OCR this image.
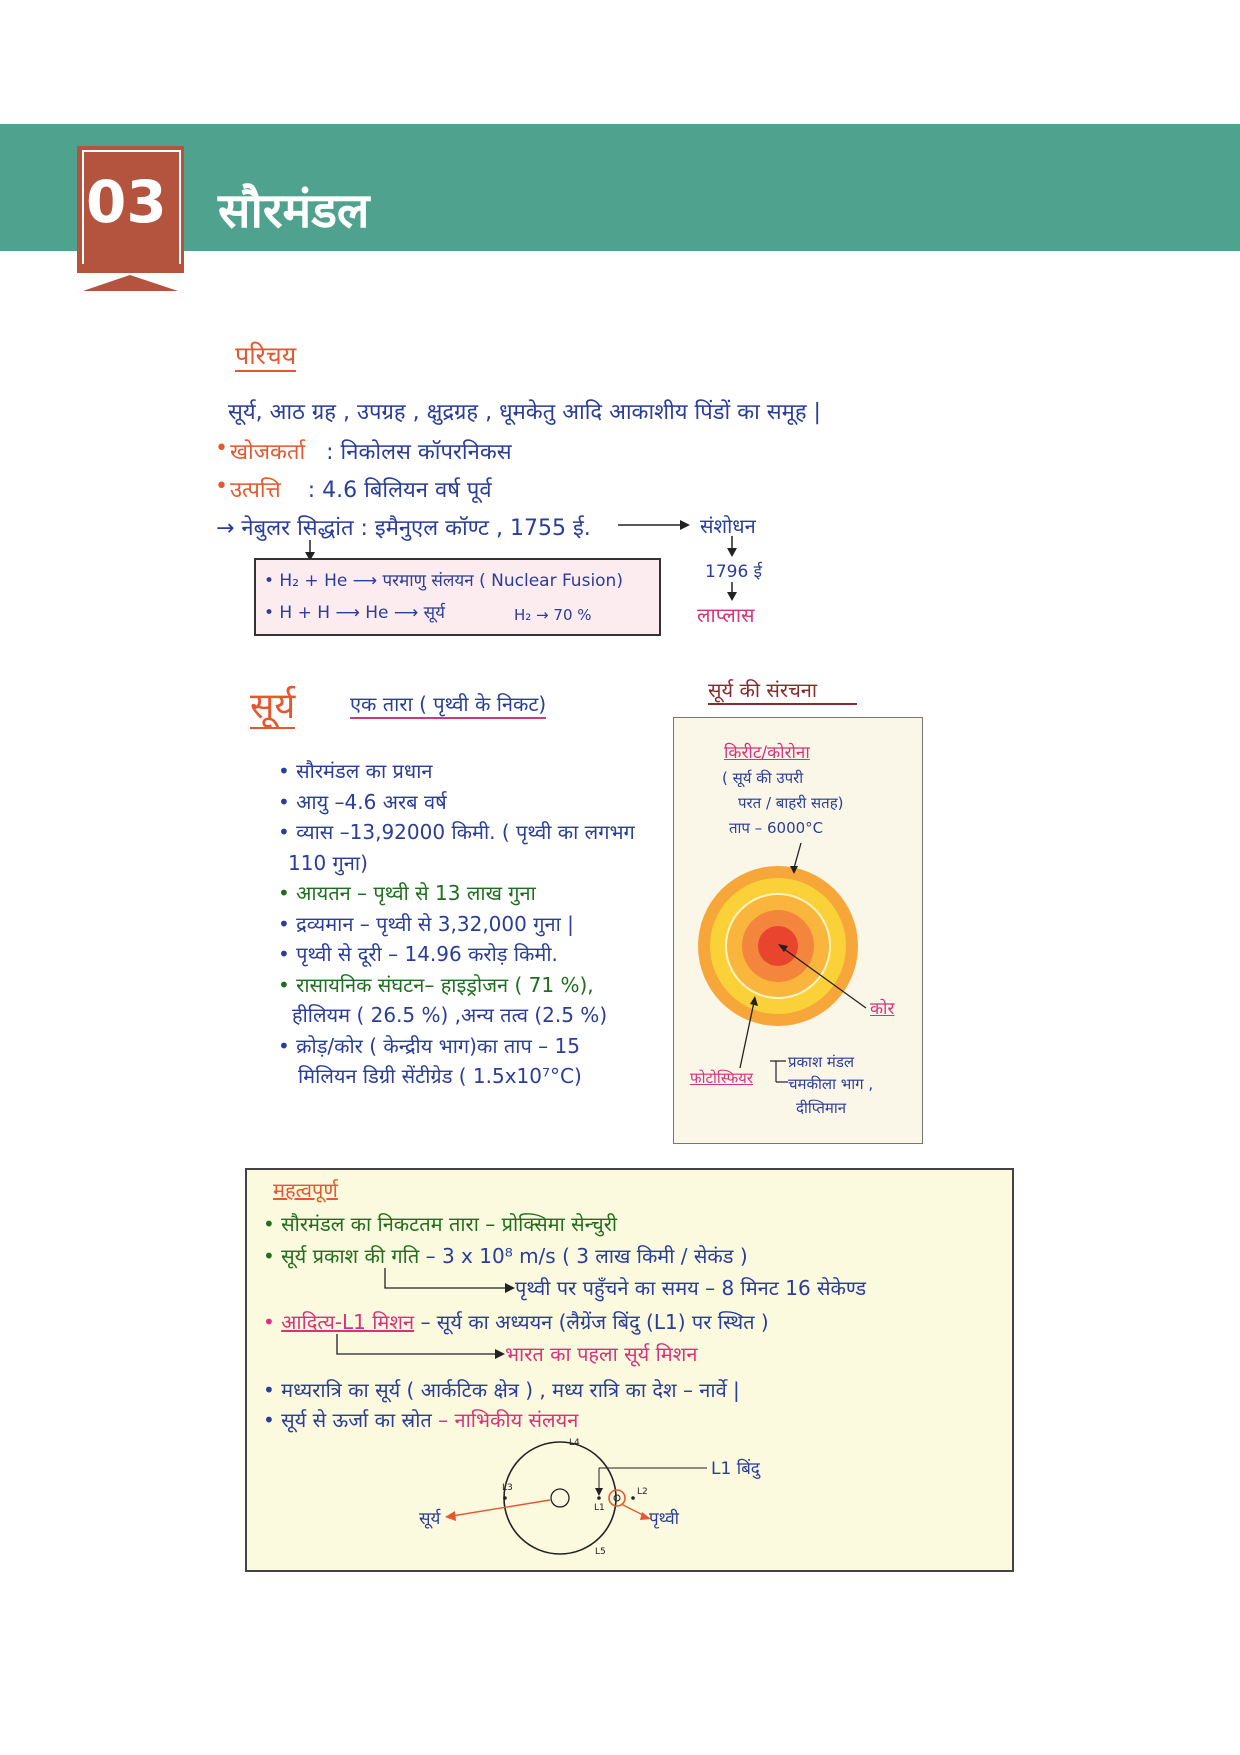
03 सौरमंडल
परिचय
सूर्य, आठ ग्रह , उपग्रह , क्षुद्रग्रह , धूमकेतु आदि आकाशीय पिंडों का समूह |
खोजकर्ता : निकोलस कॉपरनिकस
•
उत्पत्ति : 4.6 बिलियन वर्ष पूर्व
•
→ नेबुलर सिद्धांत : इमैनुएल कॉण्ट , 1755 ई.	संशोधन
1796 ई
लाप्लास
• H₂ + He ⟶ परमाणु संलयन ( Nuclear Fusion)
• H + H ⟶ He ⟶ सूर्य	H₂ → 70 %
सूर्य	एक तारा ( पृथ्वी के निकट)
• सौरमंडल का प्रधान
• आयु –4.6 अरब वर्ष
• व्यास –13,92000 किमी. ( पृथ्वी का लगभग
110 गुना)
• आयतन – पृथ्वी से 13 लाख गुना
• द्रव्यमान – पृथ्वी से 3,32,000 गुना |
• पृथ्वी से दूरी – 14.96 करोड़ किमी.
• रासायनिक संघटन– हाइड्रोजन ( 71 %),
हीलियम ( 26.5 %) ,अन्य तत्व (2.5 %)
• क्रोड़/कोर ( केन्द्रीय भाग)का ताप – 15
मिलियन डिग्री सेंटीग्रेड ( 1.5x10⁷°C)
सूर्य की संरचना
किरीट/कोरोना
( सूर्य की उपरी
परत / बाहरी सतह)
ताप – 6000°C
कोर
फोटोस्फियर
प्रकाश मंडल
चमकीला भाग ,
दीप्तिमान
महत्वपूर्ण
• सौरमंडल का निकटतम तारा – प्रोक्सिमा सेन्चुरी
• सूर्य प्रकाश की गति – 3 x 10⁸ m/s ( 3 लाख किमी / सेकंड )
पृथ्वी पर पहुँचने का समय – 8 मिनट 16 सेकेण्ड
• आदित्य-L1 मिशन – सूर्य का अध्ययन (लैग्रेंज बिंदु (L1) पर स्थित )
भारत का पहला सूर्य मिशन
• मध्यरात्रि का सूर्य ( आर्कटिक क्षेत्र ) , मध्य रात्रि का देश – नार्वे |
• सूर्य से ऊर्जा का स्रोत – नाभिकीय संलयन
L4
L1
L2
L3
L5
L1 बिंदु
सूर्य	पृथ्वी
